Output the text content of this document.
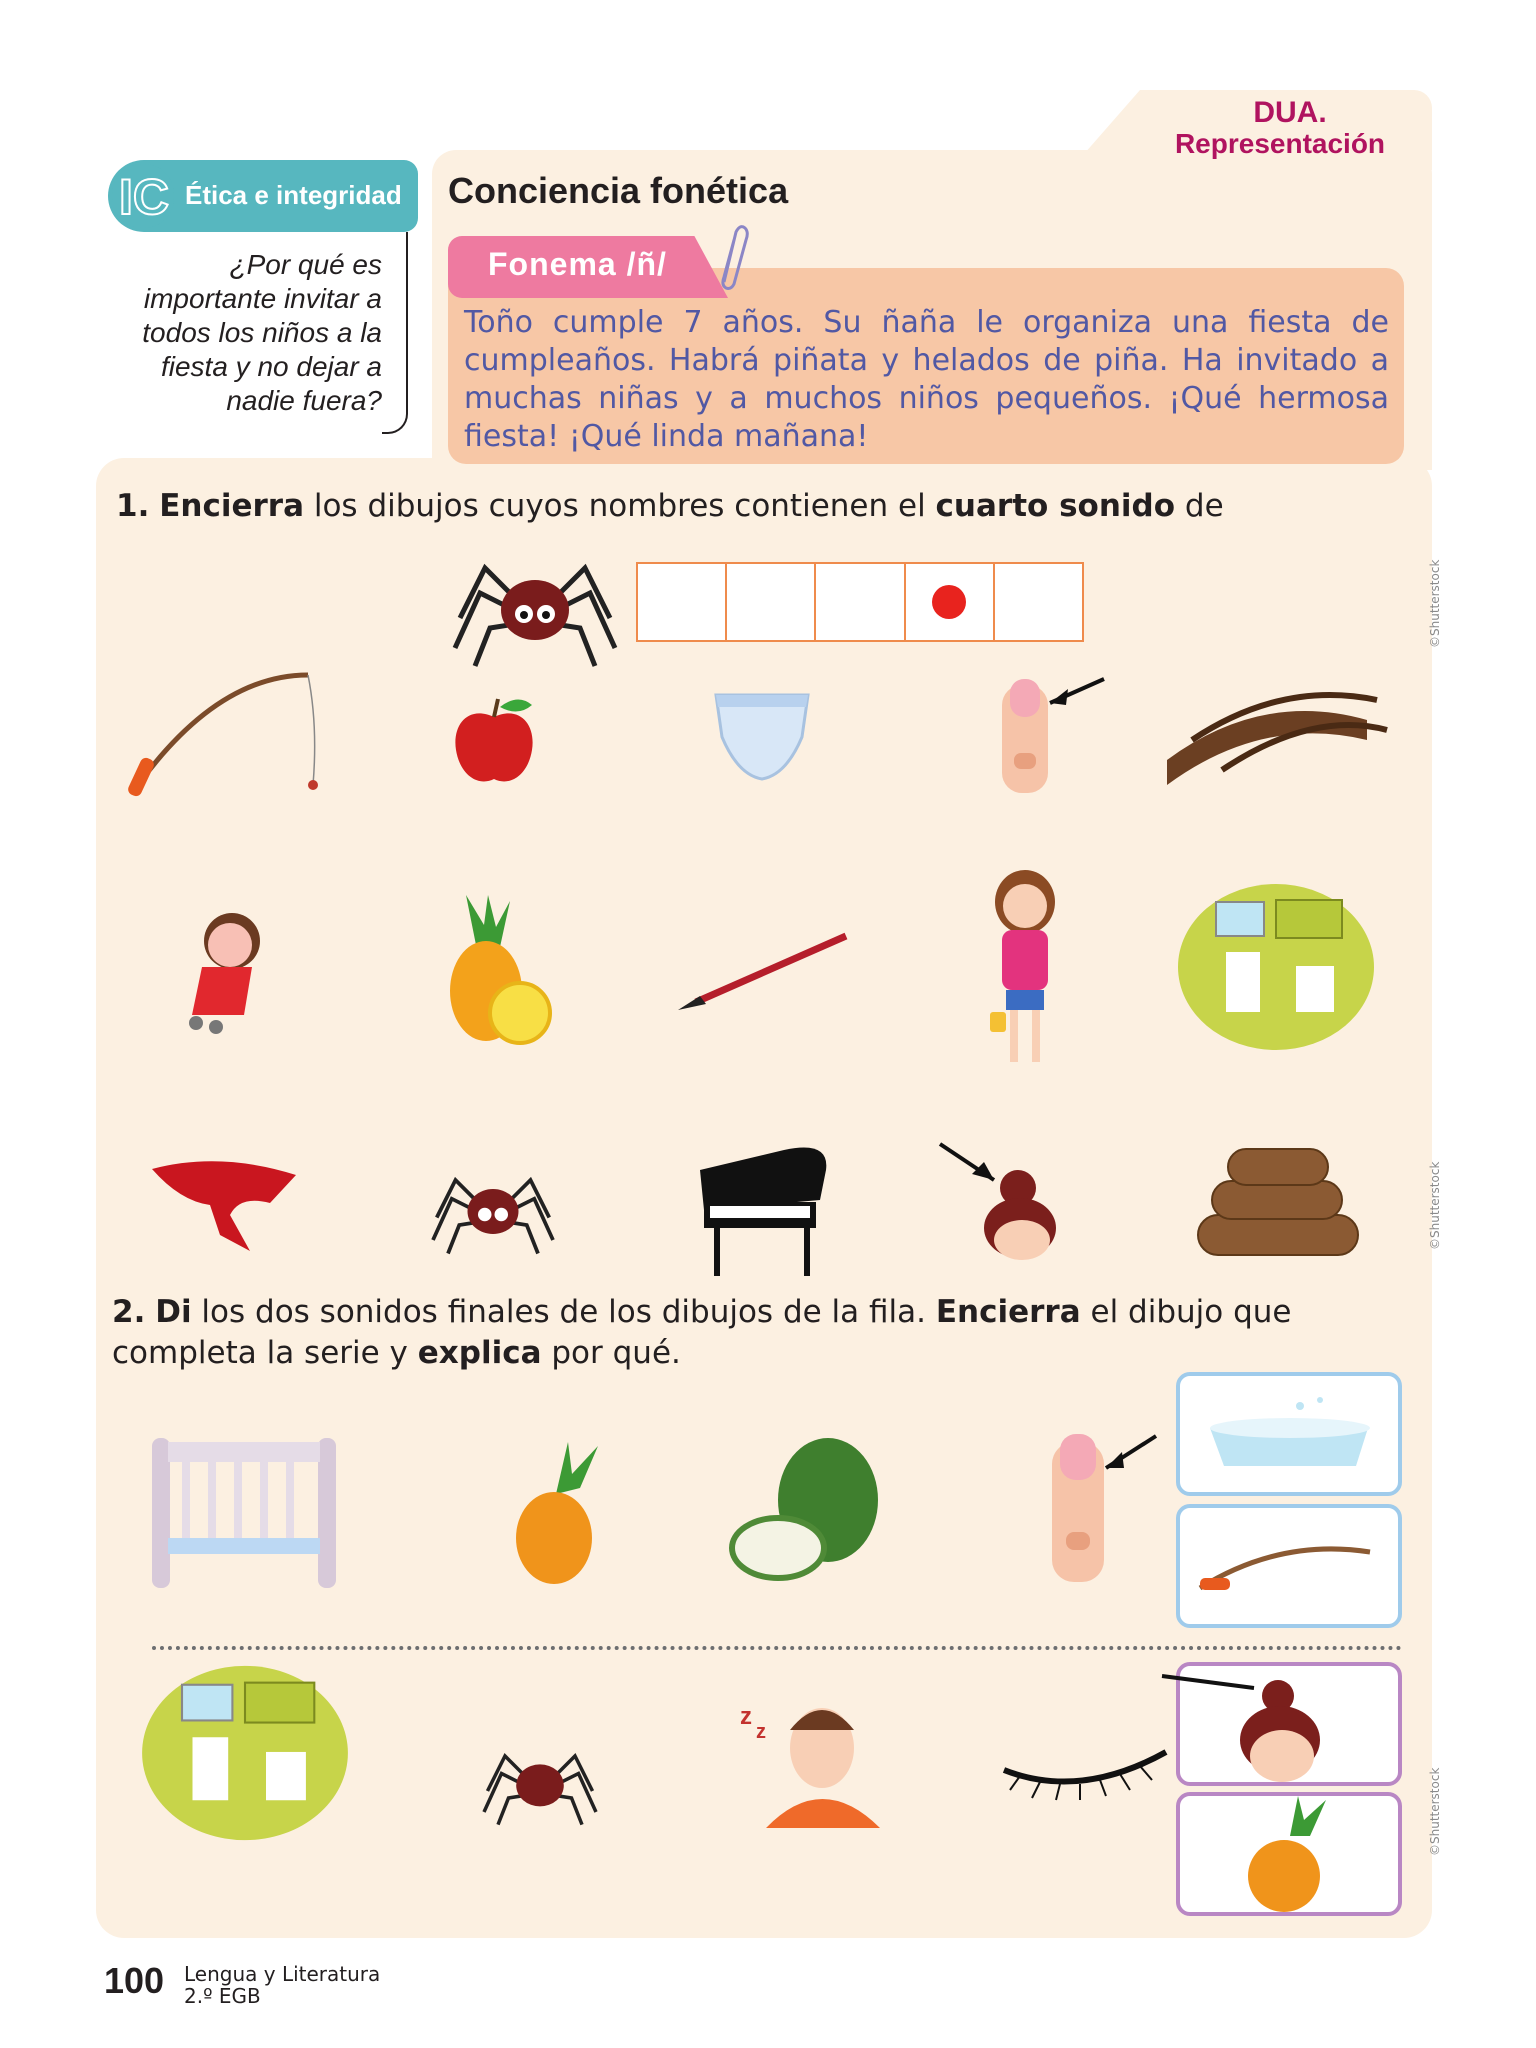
DUA.
Representación
IC Ética e integridad
¿Por qué es importante invitar a todos los niños a la fiesta y no dejar a nadie fuera?
Conciencia fonética
Fonema /ñ/
Toño cumple 7 años. Su ñaña le organiza una fiesta de cumpleaños. Habrá piñata y helados de piña. Ha invitado a muchas niñas y a muchos niños pequeños. ¡Qué hermosa fiesta! ¡Qué linda mañana!
1. Encierra los dibujos cuyos nombres contienen el cuarto sonido de
©Shutterstock
©Shutterstock
©Shutterstock
2. Di los dos sonidos finales de los dibujos de la fila. Encierra el dibujo que completa la serie y explica por qué.
z
z
100 Lengua y Literatura
2.º EGB
